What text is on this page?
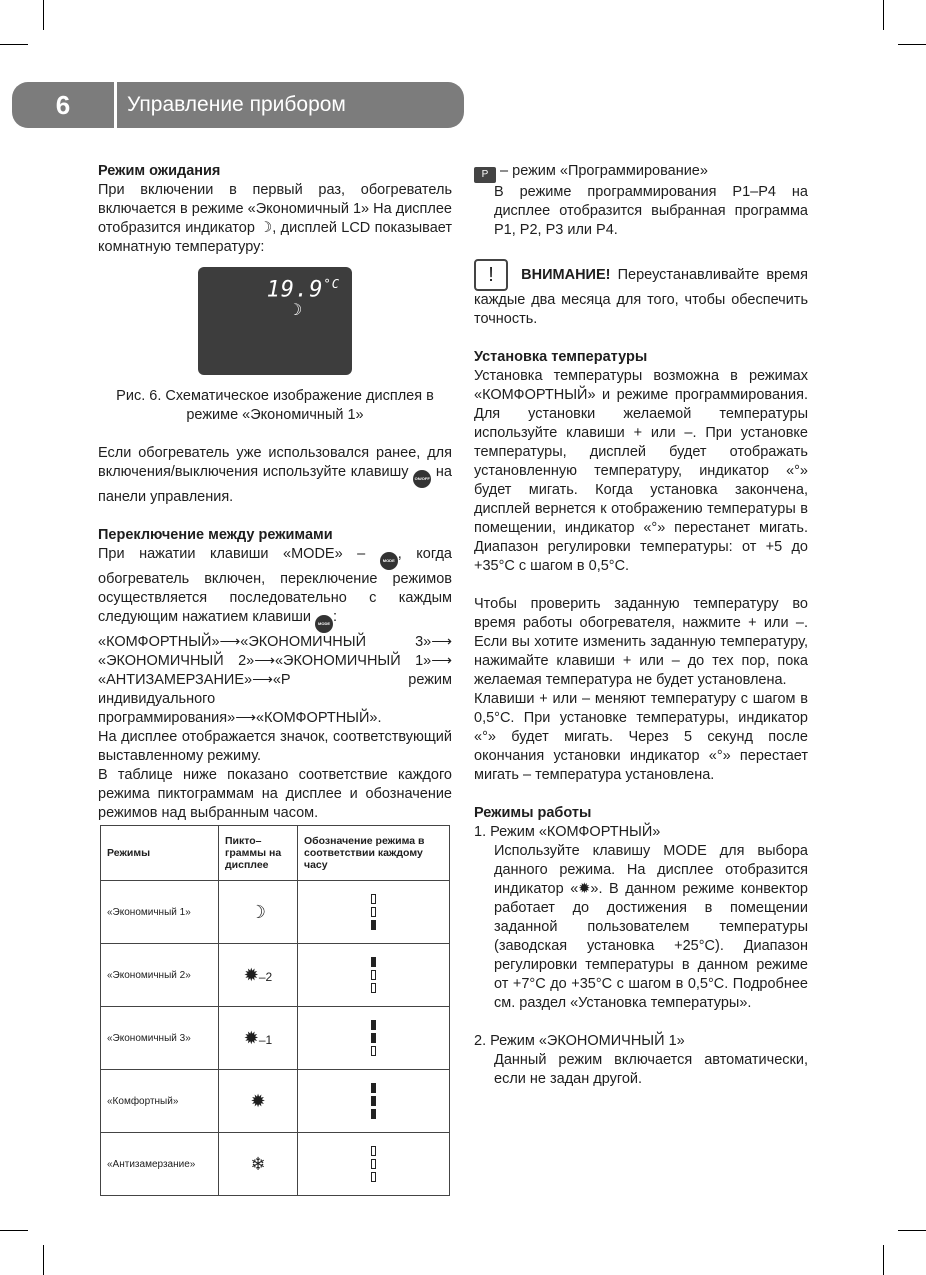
6	Управление прибором

Режим ожидания

При включении в первый раз, обогреватель включается в режиме «Экономичный 1» На дисплее отобразится индикатор ☽, дисплей LCD показывает комнатную температуру:

$19.9^{^\circ C}$
☽

Рис. 6. Схематическое изображение дисплея в режиме «Экономичный 1»

Если обогреватель уже использовался ранее, для включения/выключения используйте клавишу ON/OFF на панели управления.

Переключение между режимами

При нажатии клавиши «MODE» –	MODE , когда обогреватель включен, переключение режимов осуществляется последовательно с каждым следующим нажатием клавиши MODE :

«КОМФОРТНЫЙ»⟶«ЭКОНОМИЧНЫЙ 3»⟶ «ЭКОНОМИЧНЫЙ 2»⟶«ЭКОНОМИЧНЫЙ 1»⟶ «АНТИЗАМЕРЗАНИЕ»⟶«Р режим индивидуального программирования»⟶«КОМФОРТНЫЙ».

На дисплее отображается значок, соответствующий выставленному режиму.

В таблице ниже показано соответствие каждого режима пиктограммам на дисплее и обозначение режимов над выбранным часом.

Режимы	Пикто–граммы на дисплее	Обозначение режима в соответствии каждому часу
«Экономичный 1»	☽	

«Экономичный 2»	✹–2	

«Экономичный 3»	✹–1	

«Комфортный»	✹	

«Антизамерзание»	❄	

P – режим «Программирование»

В режиме программирования Р1–Р4 на дисплее отобразится выбранная программа Р1, Р2, Р3 или Р4.

! ВНИМАНИЕ! Переустанавливайте время каждые два месяца для того, чтобы обеспечить точность.

Установка температуры

Установка температуры возможна в режимах «КОМФОРТНЫЙ» и режиме программирования. Для установки желаемой температуры используйте клавиши + или –. При установке температуры, дисплей будет отображать установленную температуру, индикатор «°» будет мигать. Когда установка закончена, дисплей вернется к отображению температуры в помещении, индикатор «°» перестанет мигать. Диапазон регулировки температуры: от +5 до +35°С с шагом в 0,5°С.

Чтобы проверить заданную температуру во время работы обогревателя, нажмите + или –. Если вы хотите изменить заданную температуру, нажимайте клавиши + или – до тех пор, пока желаемая температура не будет установлена.

Клавиши + или – меняют температуру с шагом в 0,5°С. При установке температуры, индикатор «°» будет мигать. Через 5 секунд после окончания установки индикатор «°» перестает мигать – температура установлена.

Режимы работы

1. Режим «КОМФОРТНЫЙ»

Используйте клавишу MODE для выбора данного режима. На дисплее отобразится индикатор «✹». В данном режиме конвектор работает до достижения в помещении заданной пользователем температуры (заводская установка +25°С). Диапазон регулировки температуры в данном режиме от +7°С до +35°С с шагом в 0,5°С. Подробнее см. раздел «Установка температуры».

2. Режим «ЭКОНОМИЧНЫЙ 1»

Данный режим включается автоматически, если не задан другой.
